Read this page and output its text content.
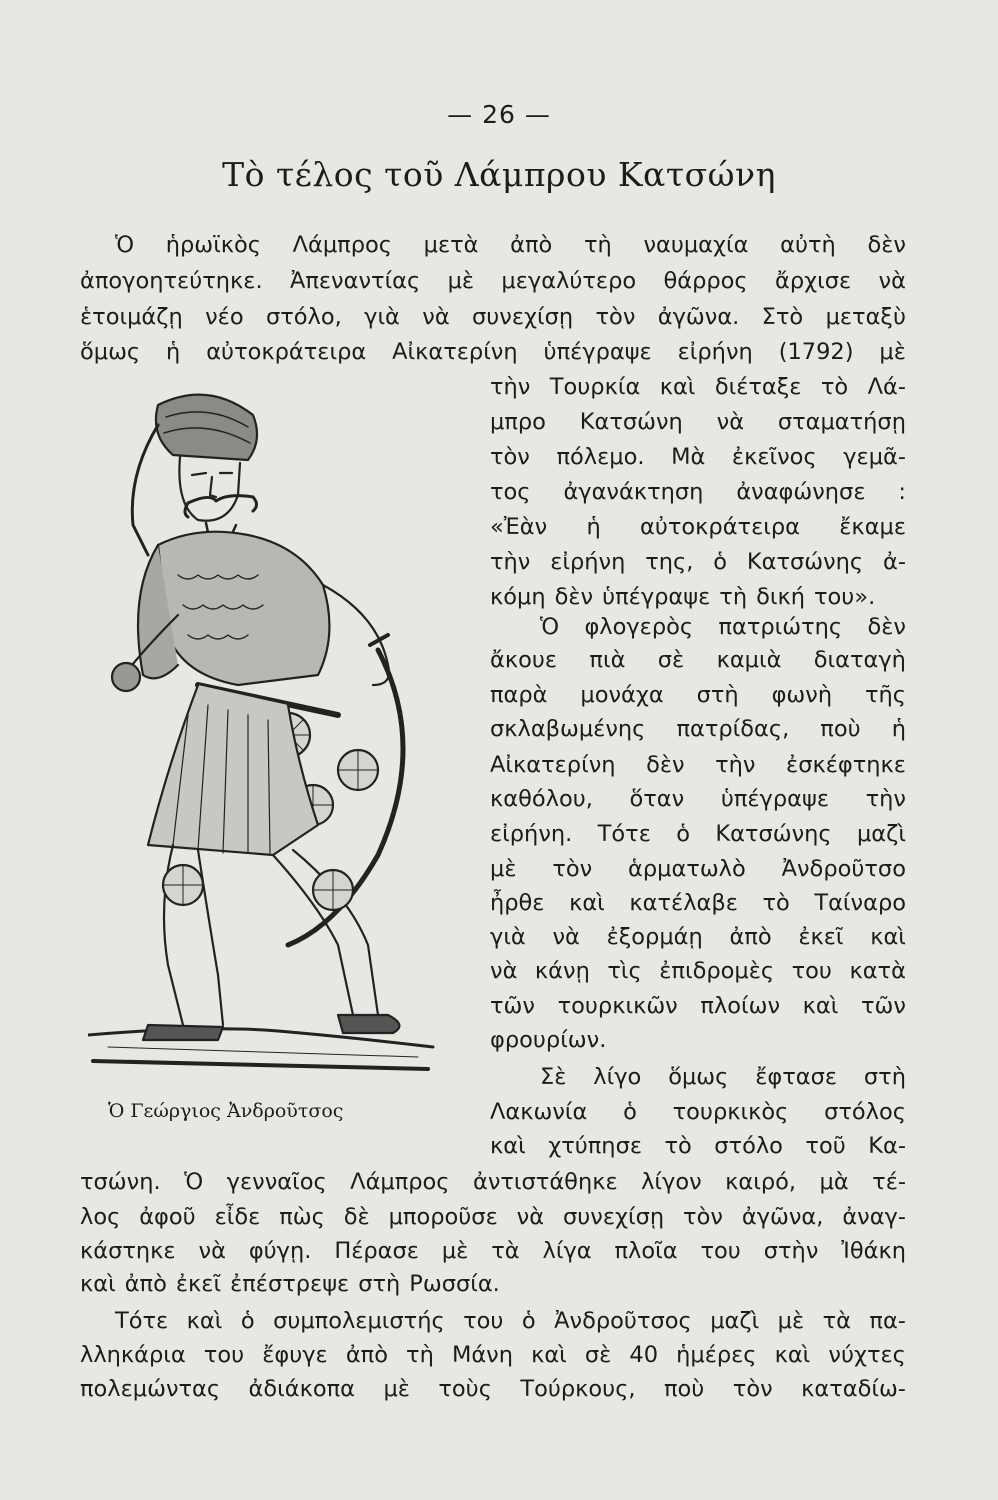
— 26 —
Τὸ τέλος τοῦ Λάμπρου Κατσώνη
Ὁ ἡρωϊκὸς Λάμπρος μετὰ ἀπὸ τὴ ναυμαχία αὐτὴ δὲν
ἀπογοητεύτηκε. Ἀπεναντίας μὲ μεγαλύτερο θάρρος ἄρχισε νὰ
ἑτοιμάζῃ νέο στόλο, γιὰ νὰ συνεχίσῃ τὸν ἀγῶνα. Στὸ μεταξὺ
ὅμως ἡ αὐτοκράτειρα Αἰκατερίνη ὑπέγραψε εἰρήνη (1792) μὲ
τὴν Τουρκία καὶ διέταξε τὸ Λά-
μπρο Κατσώνη νὰ σταματήσῃ
τὸν πόλεμο. Μὰ ἐκεῖνος γεμᾶ-
τος ἀγανάκτηση ἀναφώνησε :
«Ἐὰν ἡ αὐτοκράτειρα ἔκαμε
τὴν εἰρήνη της, ὁ Κατσώνης ἀ-
κόμη δὲν ὑπέγραψε τὴ δική του».
Ὁ φλογερὸς πατριώτης δὲν
ἄκουε πιὰ σὲ καμιὰ διαταγὴ
παρὰ μονάχα στὴ φωνὴ τῆς
σκλαβωμένης πατρίδας, ποὺ ἡ
Αἰκατερίνη δὲν τὴν ἐσκέφτηκε
καθόλου, ὅταν ὑπέγραψε τὴν
εἰρήνη. Τότε ὁ Κατσώνης μαζὶ
μὲ τὸν ἁρματωλὸ Ἀνδροῦτσο
ἦρθε καὶ κατέλαβε τὸ Ταίναρο
γιὰ νὰ ἐξορμάῃ ἀπὸ ἐκεῖ καὶ
νὰ κάνῃ τὶς ἐπιδρομὲς του κατὰ
τῶν τουρκικῶν πλοίων καὶ τῶν
φρουρίων.
Σὲ λίγο ὅμως ἔφτασε στὴ
Λακωνία ὁ τουρκικὸς στόλος
καὶ χτύπησε τὸ στόλο τοῦ Κα-
τσώνη. Ὁ γενναῖος Λάμπρος ἀντιστάθηκε λίγον καιρό, μὰ τέ-
λος ἀφοῦ εἶδε πὼς δὲ μποροῦσε νὰ συνεχίσῃ τὸν ἀγῶνα, ἀναγ-
κάστηκε νὰ φύγῃ. Πέρασε μὲ τὰ λίγα πλοῖα του στὴν Ἰθάκη
καὶ ἀπὸ ἐκεῖ ἐπέστρεψε στὴ Ρωσσία.
Τότε καὶ ὁ συμπολεμιστής του ὁ Ἀνδροῦτσος μαζὶ μὲ τὰ πα-
λληκάρια του ἔφυγε ἀπὸ τὴ Μάνη καὶ σὲ 40 ἡμέρες καὶ νύχτες
πολεμώντας ἀδιάκοπα μὲ τοὺς Τούρκους, ποὺ τὸν καταδίω-
Ὁ Γεώργιος Ἀνδροῦτσος
